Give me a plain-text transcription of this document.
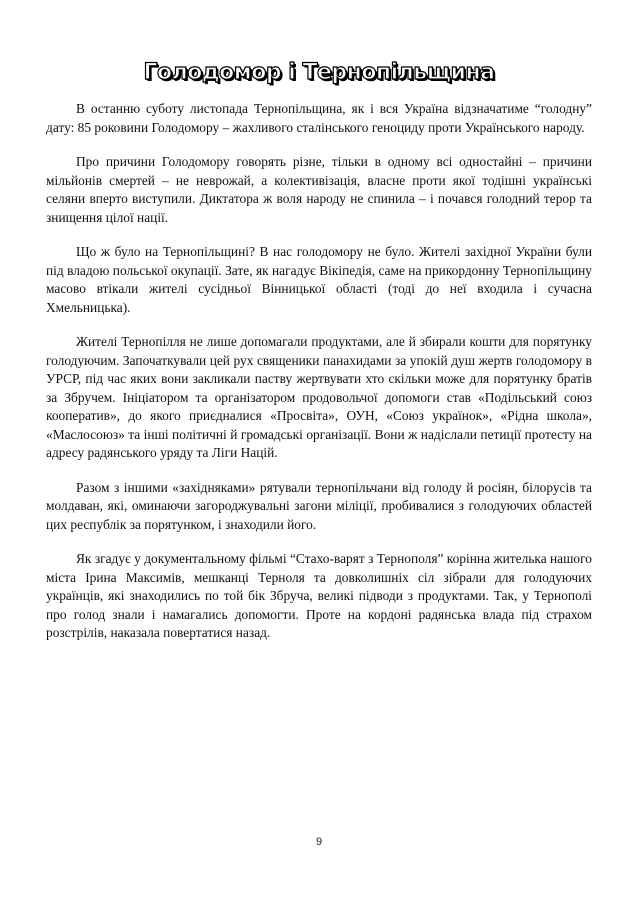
Голодомор і Тернопільщина

В останню суботу листопада Тернопільщина, як і вся Україна відзначатиме “голодну” дату: 85 роковини Голодомору – жахливого сталінського геноциду проти Українського народу.

Про причини Голодомору говорять різне, тільки в одному всі одностайні – причини мільйонів смертей – не неврожай, а колективізація, власне проти якої тодішні українські селяни вперто виступили. Диктатора ж воля народу не спинила – і почався голодний терор та знищення цілої нації.

Що ж було на Тернопільщині? В нас голодомору не було. Жителі західної України були під владою польської окупації. Зате, як нагадує Вікіпедія, саме на прикордонну Тернопільщину масово втікали жителі сусідньої Вінницької області (тоді до неї входила і сучасна Хмельницька).

Жителі Тернопілля не лише допомагали продуктами, але й збирали кошти для порятунку голодуючим. Започаткували цей рух священики панахидами за упокій душ жертв голодомору в УРСР, під час яких вони закликали паству жертвувати хто скільки може для порятунку братів за Збручем. Ініціатором та організатором продовольчої допомоги став «Подільський союз кооператив», до якого приєдналися «Просвіта», ОУН, «Союз українок», «Рідна школа», «Маслосоюз» та інші політичні й громадські організації. Вони ж надіслали петиції протесту на адресу радянського уряду та Ліги Націй.

Разом з іншими «західняками» рятували тернопільчани від голоду й росіян, білорусів та молдаван, які, оминаючи загороджувальні загони міліції, пробивалися з голодуючих областей цих республік за порятунком, і знаходили його.

Як згадує у документальному фільмі “Стахо-варят з Тернополя” корінна жителька нашого міста Ірина Максимів, мешканці Терноля та довколишніх сіл зібрали для голодуючих українців, які знаходились по той бік Збруча, великі підводи з продуктами. Так, у Тернополі про голод знали і намагались допомогти. Проте на кордоні радянська влада під страхом розстрілів, наказала повертатися назад.

9
